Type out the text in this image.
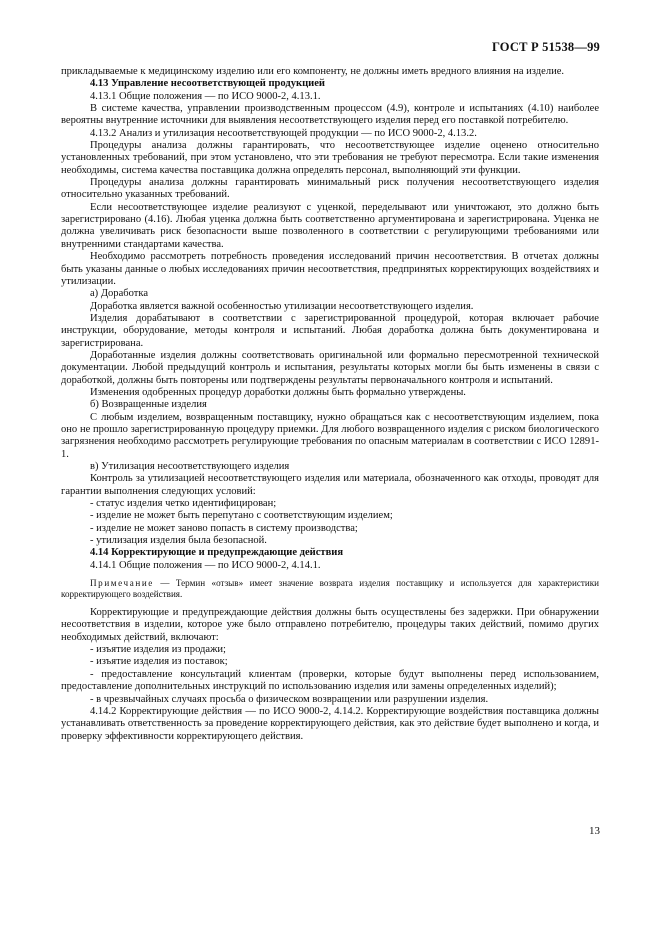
ГОСТ Р 51538—99

прикладываемые к медицинскому изделию или его компоненту, не должны иметь вредного влияния на изделие.

4.13 Управление несоответствующей продукцией

4.13.1 Общие положения — по ИСО 9000-2, 4.13.1.

В системе качества, управлении производственным процессом (4.9), контроле и испытаниях (4.10) наиболее вероятны внутренние источники для выявления несоответствующего изделия перед его поставкой потребителю.

4.13.2 Анализ и утилизация несоответствующей продукции — по ИСО 9000-2, 4.13.2.

Процедуры анализа должны гарантировать, что несоответствующее изделие оценено относительно установленных требований, при этом установлено, что эти требования не требуют пересмотра. Если такие изменения необходимы, система качества поставщика должна определять персонал, выполняющий эти функции.

Процедуры анализа должны гарантировать минимальный риск получения несоответствующего изделия относительно указанных требований.

Если несоответствующее изделие реализуют с уценкой, переделывают или уничтожают, это должно быть зарегистрировано (4.16). Любая уценка должна быть соответственно аргументирована и зарегистрирована. Уценка не должна увеличивать риск безопасности выше позволенного в соответствии с регулирующими требованиями или внутренними стандартами качества.

Необходимо рассмотреть потребность проведения исследований причин несоответствия. В отчетах должны быть указаны данные о любых исследованиях причин несоответствия, предпринятых корректирующих воздействиях и утилизации.

а) Доработка

Доработка является важной особенностью утилизации несоответствующего изделия.

Изделия дорабатывают в соответствии с зарегистрированной процедурой, которая включает рабочие инструкции, оборудование, методы контроля и испытаний. Любая доработка должна быть документирована и зарегистрирована.

Доработанные изделия должны соответствовать оригинальной или формально пересмотренной технической документации. Любой предыдущий контроль и испытания, результаты которых могли бы быть изменены в связи с доработкой, должны быть повторены или подтверждены результаты первоначального контроля и испытаний.

Изменения одобренных процедур доработки должны быть формально утверждены.

б) Возвращенные изделия

С любым изделием, возвращенным поставщику, нужно обращаться как с несоответствующим изделием, пока оно не прошло зарегистрированную процедуру приемки. Для любого возвращенного изделия с риском биологического загрязнения необходимо рассмотреть регулирующие требования по опасным материалам в соответствии с ИСО 12891-1.

в) Утилизация несоответствующего изделия

Контроль за утилизацией несоответствующего изделия или материала, обозначенного как отходы, проводят для гарантии выполнения следующих условий:

- статус изделия четко идентифицирован;

- изделие не может быть перепутано с соответствующим изделием;

- изделие не может заново попасть в систему производства;

- утилизация изделия была безопасной.

4.14 Корректирующие и предупреждающие действия

4.14.1 Общие положения — по ИСО 9000-2, 4.14.1.

Примечание — Термин «отзыв» имеет значение возврата изделия поставщику и используется для характеристики корректирующего воздействия.

Корректирующие и предупреждающие действия должны быть осуществлены без задержки. При обнаружении несоответствия в изделии, которое уже было отправлено потребителю, процедуры таких действий, помимо других необходимых действий, включают:

- изъятие изделия из продажи;

- изъятие изделия из поставок;

- предоставление консультаций клиентам (проверки, которые будут выполнены перед использованием, предоставление дополнительных инструкций по использованию изделия или замены определенных изделий);

- в чрезвычайных случаях просьба о физическом возвращении или разрушении изделия.

4.14.2 Корректирующие действия — по ИСО 9000-2, 4.14.2. Корректирующие воздействия поставщика должны устанавливать ответственность за проведение корректирующего действия, как это действие будет выполнено и когда, и проверку эффективности корректирующего действия.

13
